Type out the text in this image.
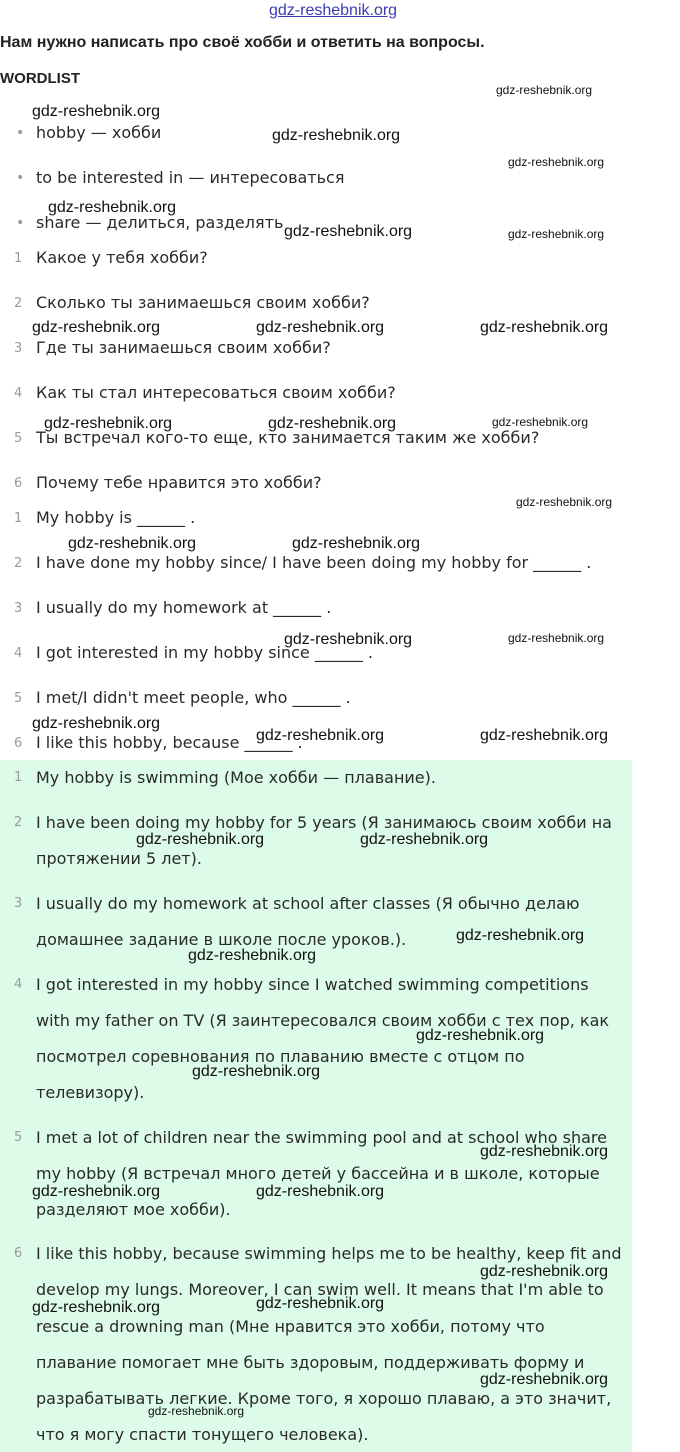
gdz-reshebnik.org
Нам нужно написать про своё хобби и ответить на вопросы.
WORDLIST
• hobby — хобби
• to be interested in — интересоваться
• share — делиться, разделять
1 Какое у тебя хобби?
2 Сколько ты занимаешься своим хобби?
3 Где ты занимаешься своим хобби?
4 Как ты стал интересоваться своим хобби?
5 Ты встречал кого-то еще, кто занимается таким же хобби?
6 Почему тебе нравится это хобби?
1 My hobby is ______ .
2 I have done my hobby since/ I have been doing my hobby for ______ .
3 I usually do my homework at ______ .
4 I got interested in my hobby since ______ .
5 I met/I didn't meet people, who ______ .
6 I like this hobby, because ______ .
1 My hobby is swimming (Мое хобби — плавание).
2 I have been doing my hobby for 5 years (Я занимаюсь своим хобби на
протяжении 5 лет).
3 I usually do my homework at school after classes (Я обычно делаю
домашнее задание в школе после уроков.).
4 I got interested in my hobby since I watched swimming competitions
with my father on TV (Я заинтересовался своим хобби с тех пор, как
посмотрел соревнования по плаванию вместе с отцом по
телевизору).
5 I met a lot of children near the swimming pool and at school who share
my hobby (Я встречал много детей у бассейна и в школе, которые
разделяют мое хобби).
6 I like this hobby, because swimming helps me to be healthy, keep fit and
develop my lungs. Moreover, I can swim well. It means that I'm able to
rescue a drowning man (Мне нравится это хобби, потому что
плавание помогает мне быть здоровым, поддерживать форму и
разрабатывать легкие. Кроме того, я хорошо плаваю, а это значит,
что я могу спасти тонущего человека).
gdz-reshebnik.org
gdz-reshebnik.org
gdz-reshebnik.org
gdz-reshebnik.org
gdz-reshebnik.org
gdz-reshebnik.org	gdz-reshebnik.org
gdz-reshebnik.org	gdz-reshebnik.org	gdz-reshebnik.org
gdz-reshebnik.org	gdz-reshebnik.org	gdz-reshebnik.org
gdz-reshebnik.org
gdz-reshebnik.org	gdz-reshebnik.org
gdz-reshebnik.org	gdz-reshebnik.org
gdz-reshebnik.org
gdz-reshebnik.org	gdz-reshebnik.org
gdz-reshebnik.org	gdz-reshebnik.org
gdz-reshebnik.org
gdz-reshebnik.org
gdz-reshebnik.org
gdz-reshebnik.org
gdz-reshebnik.org
gdz-reshebnik.org	gdz-reshebnik.org
gdz-reshebnik.org
gdz-reshebnik.org	gdz-reshebnik.org
gdz-reshebnik.org
gdz-reshebnik.org
